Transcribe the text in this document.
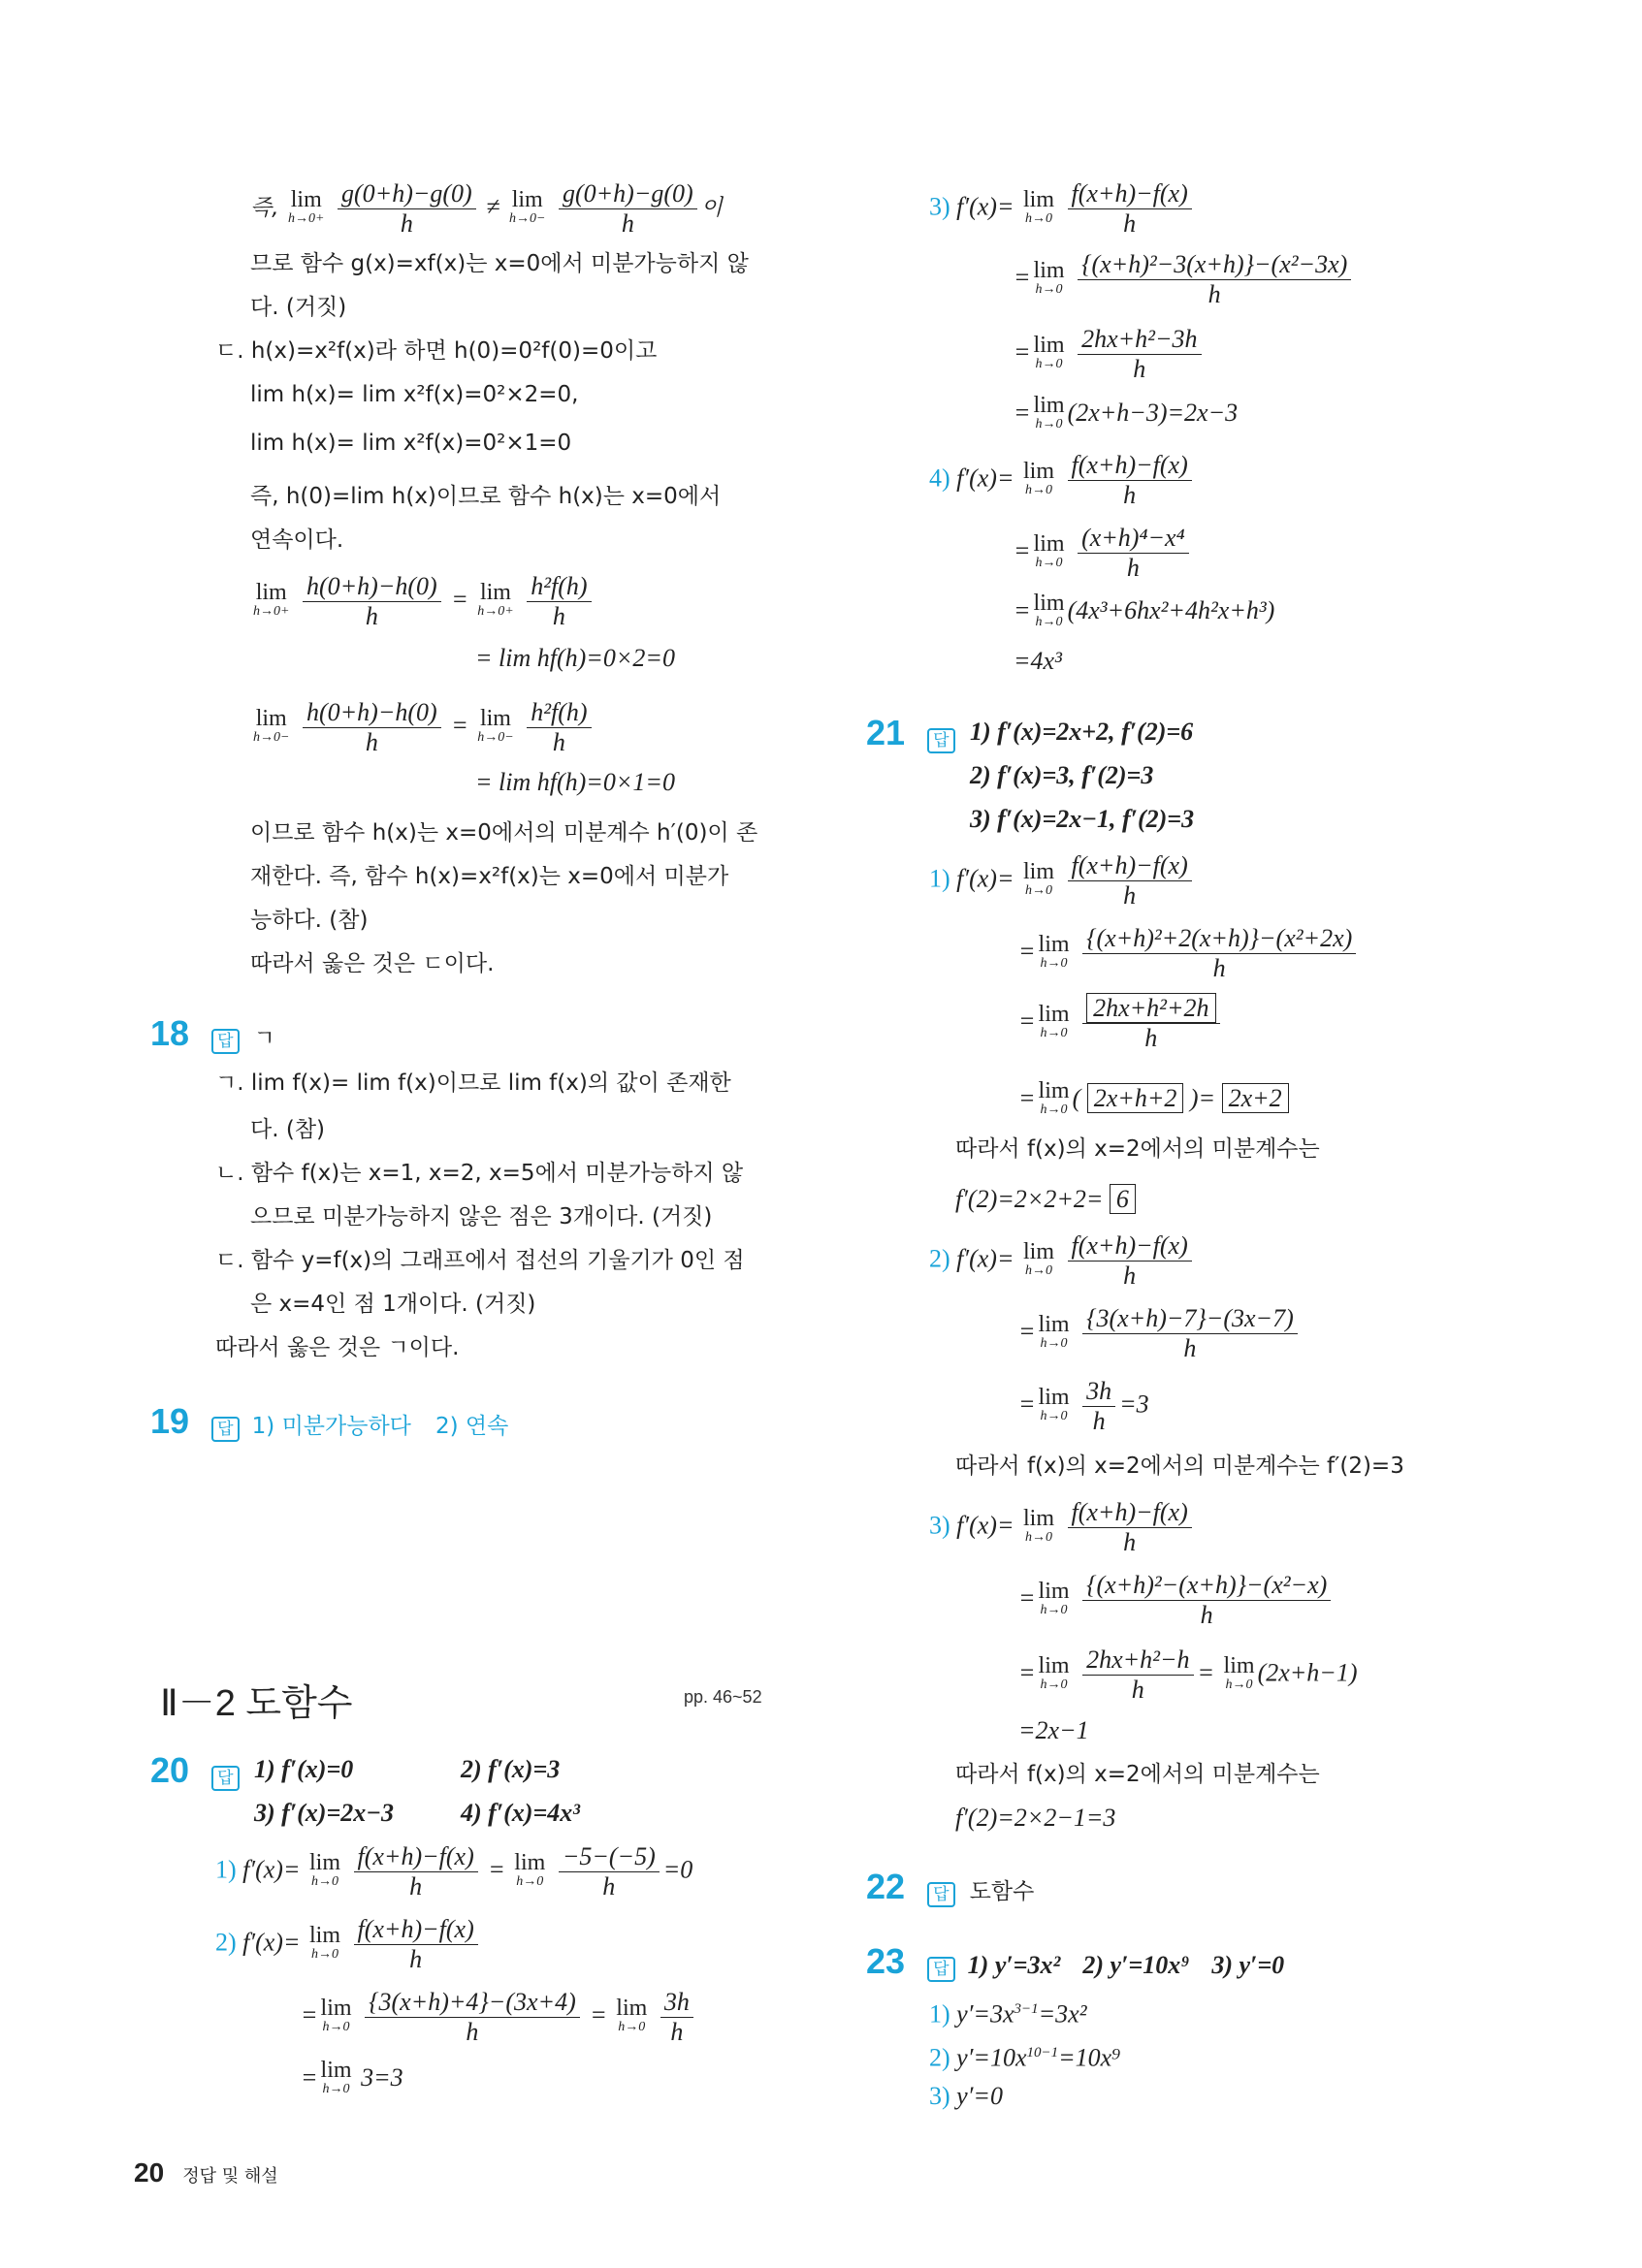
즉, lim
h→0+
$\frac{g(0+h)-g(0)}{h} \ne \lim$
h→0−
$\frac{g(0+h)-g(0)}{h}$ 이
므로 함수 g(x)=xf(x)는 x=0에서 미분가능하지 않
다. (거짓)
ㄷ. h(x)=x²f(x)라 하면 h(0)=0²f(0)=0이고
lim h(x)= lim x²f(x)=0²×2=0,
lim h(x)= lim x²f(x)=0²×1=0
즉, h(0)=lim h(x)이므로 함수 h(x)는 x=0에서
연속이다.
lim
h→0+
$\frac{h(0+h)-h(0)}{h} = \lim$
h→0+
$\frac{\text{h²f(h)}}{h}$
= lim hf(h)=0×2=0
lim
h→0−
$\frac{h(0+h)-h(0)}{h} = \lim$
h→0−
$\frac{\text{h²f(h)}}{h}$
= lim hf(h)=0×1=0
이므로 함수 h(x)는 x=0에서의 미분계수 h′(0)이 존
재한다. 즉, 함수 h(x)=x²f(x)는 x=0에서 미분가
능하다. (참)
따라서 옳은 것은 ㄷ이다.
18 답 ㄱ
ㄱ. lim f(x)= lim f(x)이므로 lim f(x)의 값이 존재한
다. (참)
ㄴ. 함수 f(x)는 x=1, x=2, x=5에서 미분가능하지 않
으므로 미분가능하지 않은 점은 3개이다. (거짓)
ㄷ. 함수 y=f(x)의 그래프에서 접선의 기울기가 0인 점
은 x=4인 점 1개이다. (거짓)
따라서 옳은 것은 ㄱ이다.
19 답 1) 미분가능하다 2) 연속
Ⅱ－2 도함수	pp. 46~52
20 답 1) f′(x)=0	2) f′(x)=3
3) f′(x)=2x−3	4) f′(x)=4x³
1) f′(x)= lim
h→0
$\frac{f(x+h)-f(x)}{h} = \lim$
h→0
$\frac{-5-(-5)}{h} =0$
2) f′(x)= lim
h→0
$\frac{f(x+h)-f(x)}{h}$
= lim
h→0
$\frac{\{3(x+h)+4\}-(3x+4)}{h} = \lim$
h→0
$\frac{3h}{h}$
= lim
h→0 3=3
20 정답 및 해설
3) f′(x)= lim
h→0
$\frac{f(x+h)-f(x)}{h}$
= lim
h→0
$\frac{\text{\{(x+h)²−3(x+h)\}−(x²−3x)}}{h}$
= lim
h→0
$\frac{\text{2hx+h²−3h}}{h}$
= lim
h→0 (2x+h−3)=2x−3
4) f′(x)= lim
h→0
$\frac{f(x+h)-f(x)}{h}$
= lim
h→0
$\frac{\text{(x+h)⁴−x⁴}}{h}$
= lim
h→0 (4x³+6hx²+4h²x+h³)
=4x³
21 답 1) f′(x)=2x+2, f′(2)=6
2) f′(x)=3, f′(2)=3
3) f′(x)=2x−1, f′(2)=3
1) f′(x)= lim
h→0
$\frac{f(x+h)-f(x)}{h}$
= lim
h→0
$\frac{\text{\{(x+h)²+2(x+h)\}−(x²+2x)}}{h}$
= lim
h→0
$\frac{\text{2hx+h²+2h}}{h}$
= lim
h→0 ( 2x+h+2 )= 2x+2
따라서 f(x)의 x=2에서의 미분계수는
f′(2)=2×2+2= 6
2) f′(x)= lim
h→0
$\frac{f(x+h)-f(x)}{h}$
= lim
h→0
$\frac{\{3(x+h)-7\}-(3x-7)}{h}$
= lim
h→0
$\frac{3h}{h} =3$
따라서 f(x)의 x=2에서의 미분계수는 f′(2)=3
3) f′(x)= lim
h→0
$\frac{f(x+h)-f(x)}{h}$
= lim
h→0
$\frac{\text{\{(x+h)²−(x+h)\}−(x²−x)}}{h}$
= lim
h→0
$\frac{\text{2hx+h²−h}}{h} = \lim$
h→0 (2x+h−1)
=2x−1
따라서 f(x)의 x=2에서의 미분계수는
f′(2)=2×2−1=3
22 답 도함수
23 답 1) y′=3x² 2) y′=10x⁹ 3) y′=0
1) $y'=3x^{3-1}=3x^2$
2) $y'=10x^{10-1}=10x^9$
3) y′=0
